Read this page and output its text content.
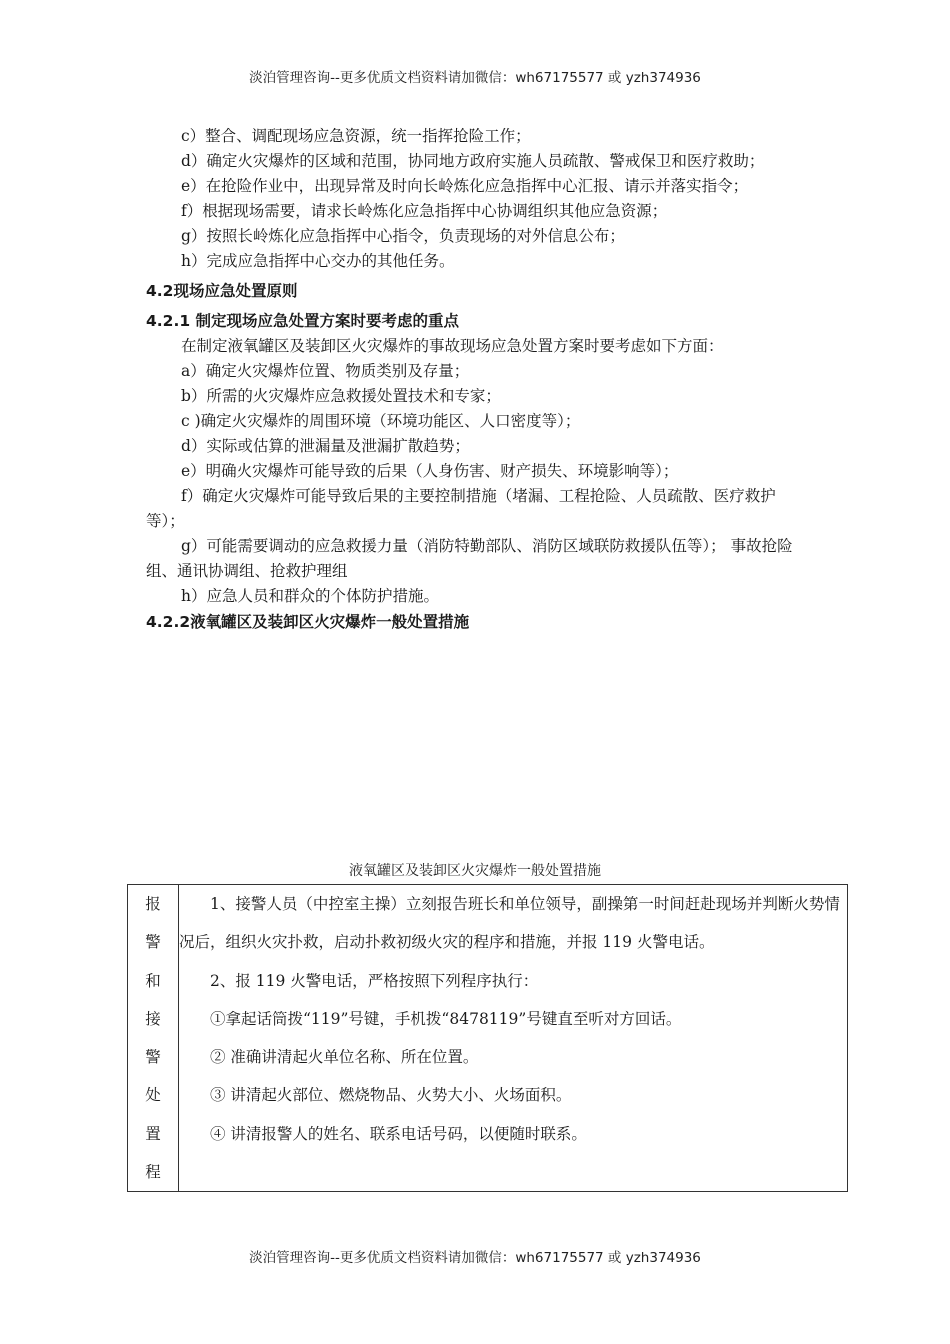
淡泊管理咨询--更多优质文档资料请加微信：wh67175577 或 yzh374936

c）整合、调配现场应急资源，统一指挥抢险工作；

d）确定火灾爆炸的区域和范围，协同地方政府实施人员疏散、警戒保卫和医疗救助；

e）在抢险作业中，出现异常及时向长岭炼化应急指挥中心汇报、请示并落实指令；

f）根据现场需要，请求长岭炼化应急指挥中心协调组织其他应急资源；

g）按照长岭炼化应急指挥中心指令，负责现场的对外信息公布；

h）完成应急指挥中心交办的其他任务。

4.2现场应急处置原则

4.2.1 制定现场应急处置方案时要考虑的重点

在制定液氧罐区及装卸区火灾爆炸的事故现场应急处置方案时要考虑如下方面：

a）确定火灾爆炸位置、物质类别及存量；

b）所需的火灾爆炸应急救援处置技术和专家；

c )确定火灾爆炸的周围环境（环境功能区、人口密度等）；

d）实际或估算的泄漏量及泄漏扩散趋势；

e）明确火灾爆炸可能导致的后果（人身伤害、财产损失、环境影响等）；

f）确定火灾爆炸可能导致后果的主要控制措施（堵漏、工程抢险、人员疏散、医疗救护等）；

g）可能需要调动的应急救援力量（消防特勤部队、消防区域联防救援队伍等）； 事故抢险组、通讯协调组、抢救护理组

h）应急人员和群众的个体防护措施。

4.2.2液氧罐区及装卸区火灾爆炸一般处置措施

液氧罐区及装卸区火灾爆炸一般处置措施
报
警
和
接
警
处
置
程

1、接警人员（中控室主操）立刻报告班长和单位领导，副操第一时间赶赴现场并判断火势情况后，组织火灾扑救，启动扑救初级火灾的程序和措施，并报 119 火警电话。

2、报 119 火警电话，严格按照下列程序执行：

①拿起话筒拨“119”号键，手机拨“8478119”号键直至听对方回话。

② 准确讲清起火单位名称、所在位置。

③ 讲清起火部位、燃烧物品、火势大小、火场面积。

④ 讲清报警人的姓名、联系电话号码，以便随时联系。

淡泊管理咨询--更多优质文档资料请加微信：wh67175577 或 yzh374936
